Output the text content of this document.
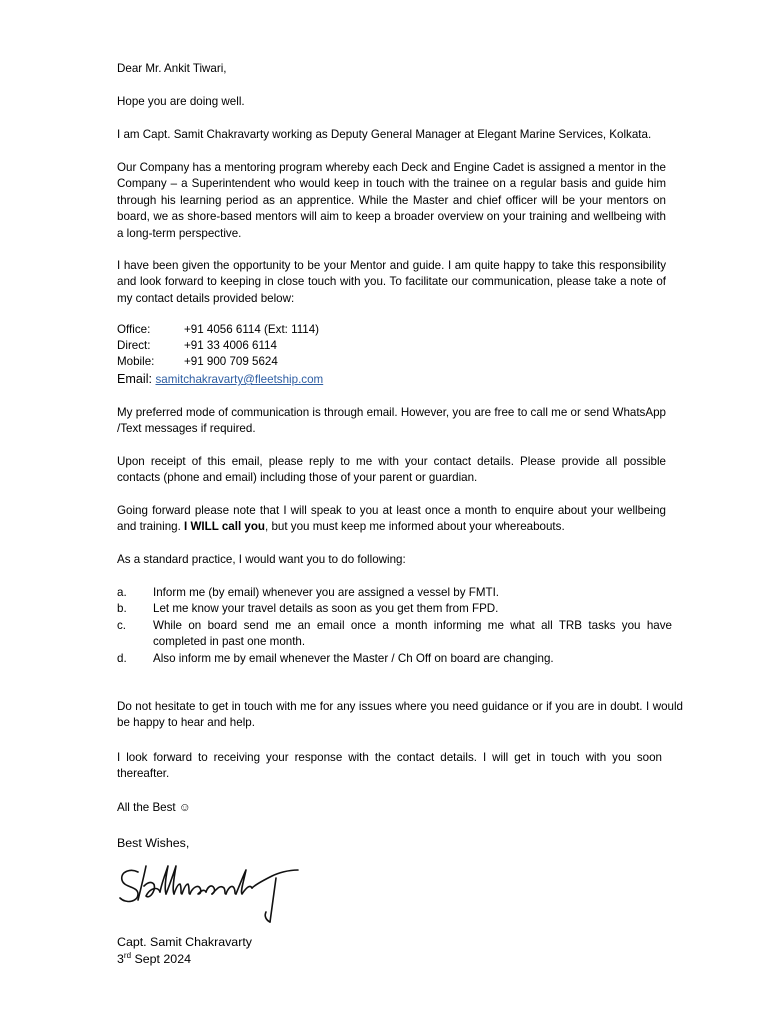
Dear Mr. Ankit Tiwari,

Hope you are doing well.

I am Capt. Samit Chakravarty working as Deputy General Manager at Elegant Marine Services, Kolkata.

Our Company has a mentoring program whereby each Deck and Engine Cadet is assigned a mentor in the Company – a Superintendent who would keep in touch with the trainee on a regular basis and guide him through his learning period as an apprentice. While the Master and chief officer will be your mentors on board, we as shore-based mentors will aim to keep a broader overview on your training and wellbeing with a long-term perspective.

I have been given the opportunity to be your Mentor and guide. I am quite happy to take this responsibility and look forward to keeping in close touch with you. To facilitate our communication, please take a note of my contact details provided below:

Office:	+91 4056 6114 (Ext: 1114)
Direct:	+91 33 4006 6114
Mobile:	+91 900 709 5624
Email: samitchakravarty@fleetship.com

My preferred mode of communication is through email. However, you are free to call me or send WhatsApp /Text messages if required.

Upon receipt of this email, please reply to me with your contact details. Please provide all possible contacts (phone and email) including those of your parent or guardian.

Going forward please note that I will speak to you at least once a month to enquire about your wellbeing and training. I WILL call you, but you must keep me informed about your whereabouts.

As a standard practice, I would want you to do following:

a. Inform me (by email) whenever you are assigned a vessel by FMTI.
b. Let me know your travel details as soon as you get them from FPD.
c. While on board send me an email once a month informing me what all TRB tasks you have completed in past one month.
d. Also inform me by email whenever the Master / Ch Off on board are changing.

Do not hesitate to get in touch with me for any issues where you need guidance or if you are in doubt. I would be happy to hear and help.

I look forward to receiving your response with the contact details. I will get in touch with you soon thereafter.

All the Best ☺

Best Wishes,

Capt. Samit Chakravarty

3rd Sept 2024
